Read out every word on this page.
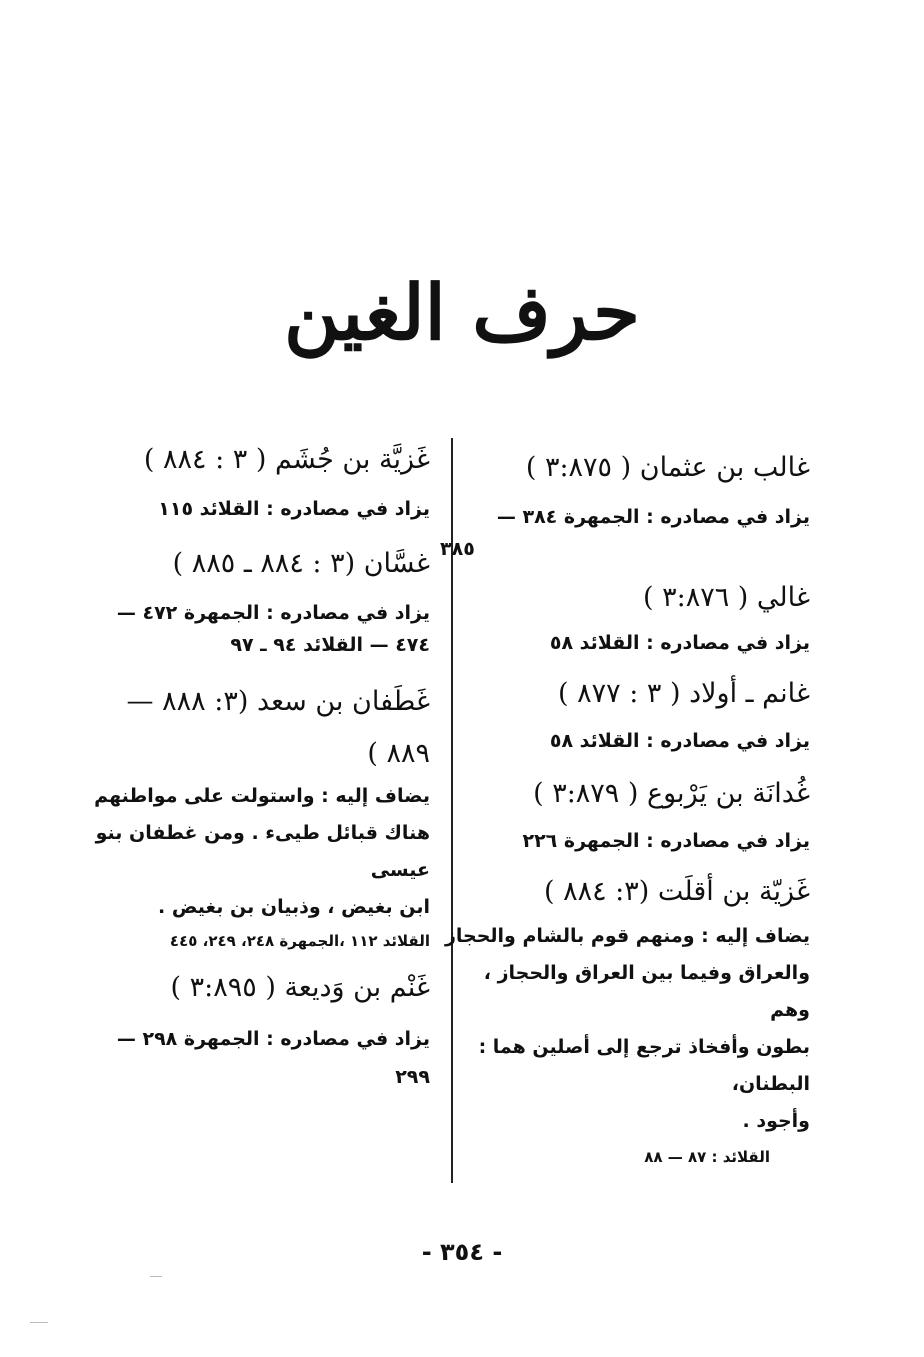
حرف الغين
غالب بن عثمان ( ٣:٨٧٥ )
يزاد في مصادره : الجمهرة ٣٨٤ —
٣٨٥
غالي ( ٣:٨٧٦ )
يزاد في مصادره : القلائد ٥٨
غانم ـ أولاد ( ٣ : ٨٧٧ )
يزاد في مصادره : القلائد ٥٨
غُدانَة بن يَرْبوع ( ٣:٨٧٩ )
يزاد في مصادره : الجمهرة ٢٢٦
غَزيّة بن أقلَت (٣: ٨٨٤ )
يضاف إليه : ومنهم قوم بالشام والحجاز
والعراق وفيما بين العراق والحجاز ، وهم
بطون وأفخاذ ترجع إلى أصلين هما : البطنان،
وأجود .
القلائد : ٨٧ — ٨٨
غَزيَّة بن جُشَم ( ٣ : ٨٨٤ )
يزاد في مصادره : القلائد ١١٥
غسَّان (٣ : ٨٨٤ ـ ٨٨٥ )
يزاد في مصادره : الجمهرة ٤٧٢ —
٤٧٤ — القلائد ٩٤ ـ ٩٧
غَطَفان بن سعد (٣: ٨٨٨ —
٨٨٩ )
يضاف إليه : واستولت على مواطنهم
هناك قبائل طيىء . ومن غطفان بنو عيسى
ابن بغيض ، وذبيان بن بغيض .
القلائد ١١٢ ،الجمهرة ٢٤٨، ٢٤٩، ٤٤٥
غَنْم بن وَديعة ( ٣:٨٩٥ )
يزاد في مصادره : الجمهرة ٢٩٨ —
٢٩٩
- ٣٥٤ -
